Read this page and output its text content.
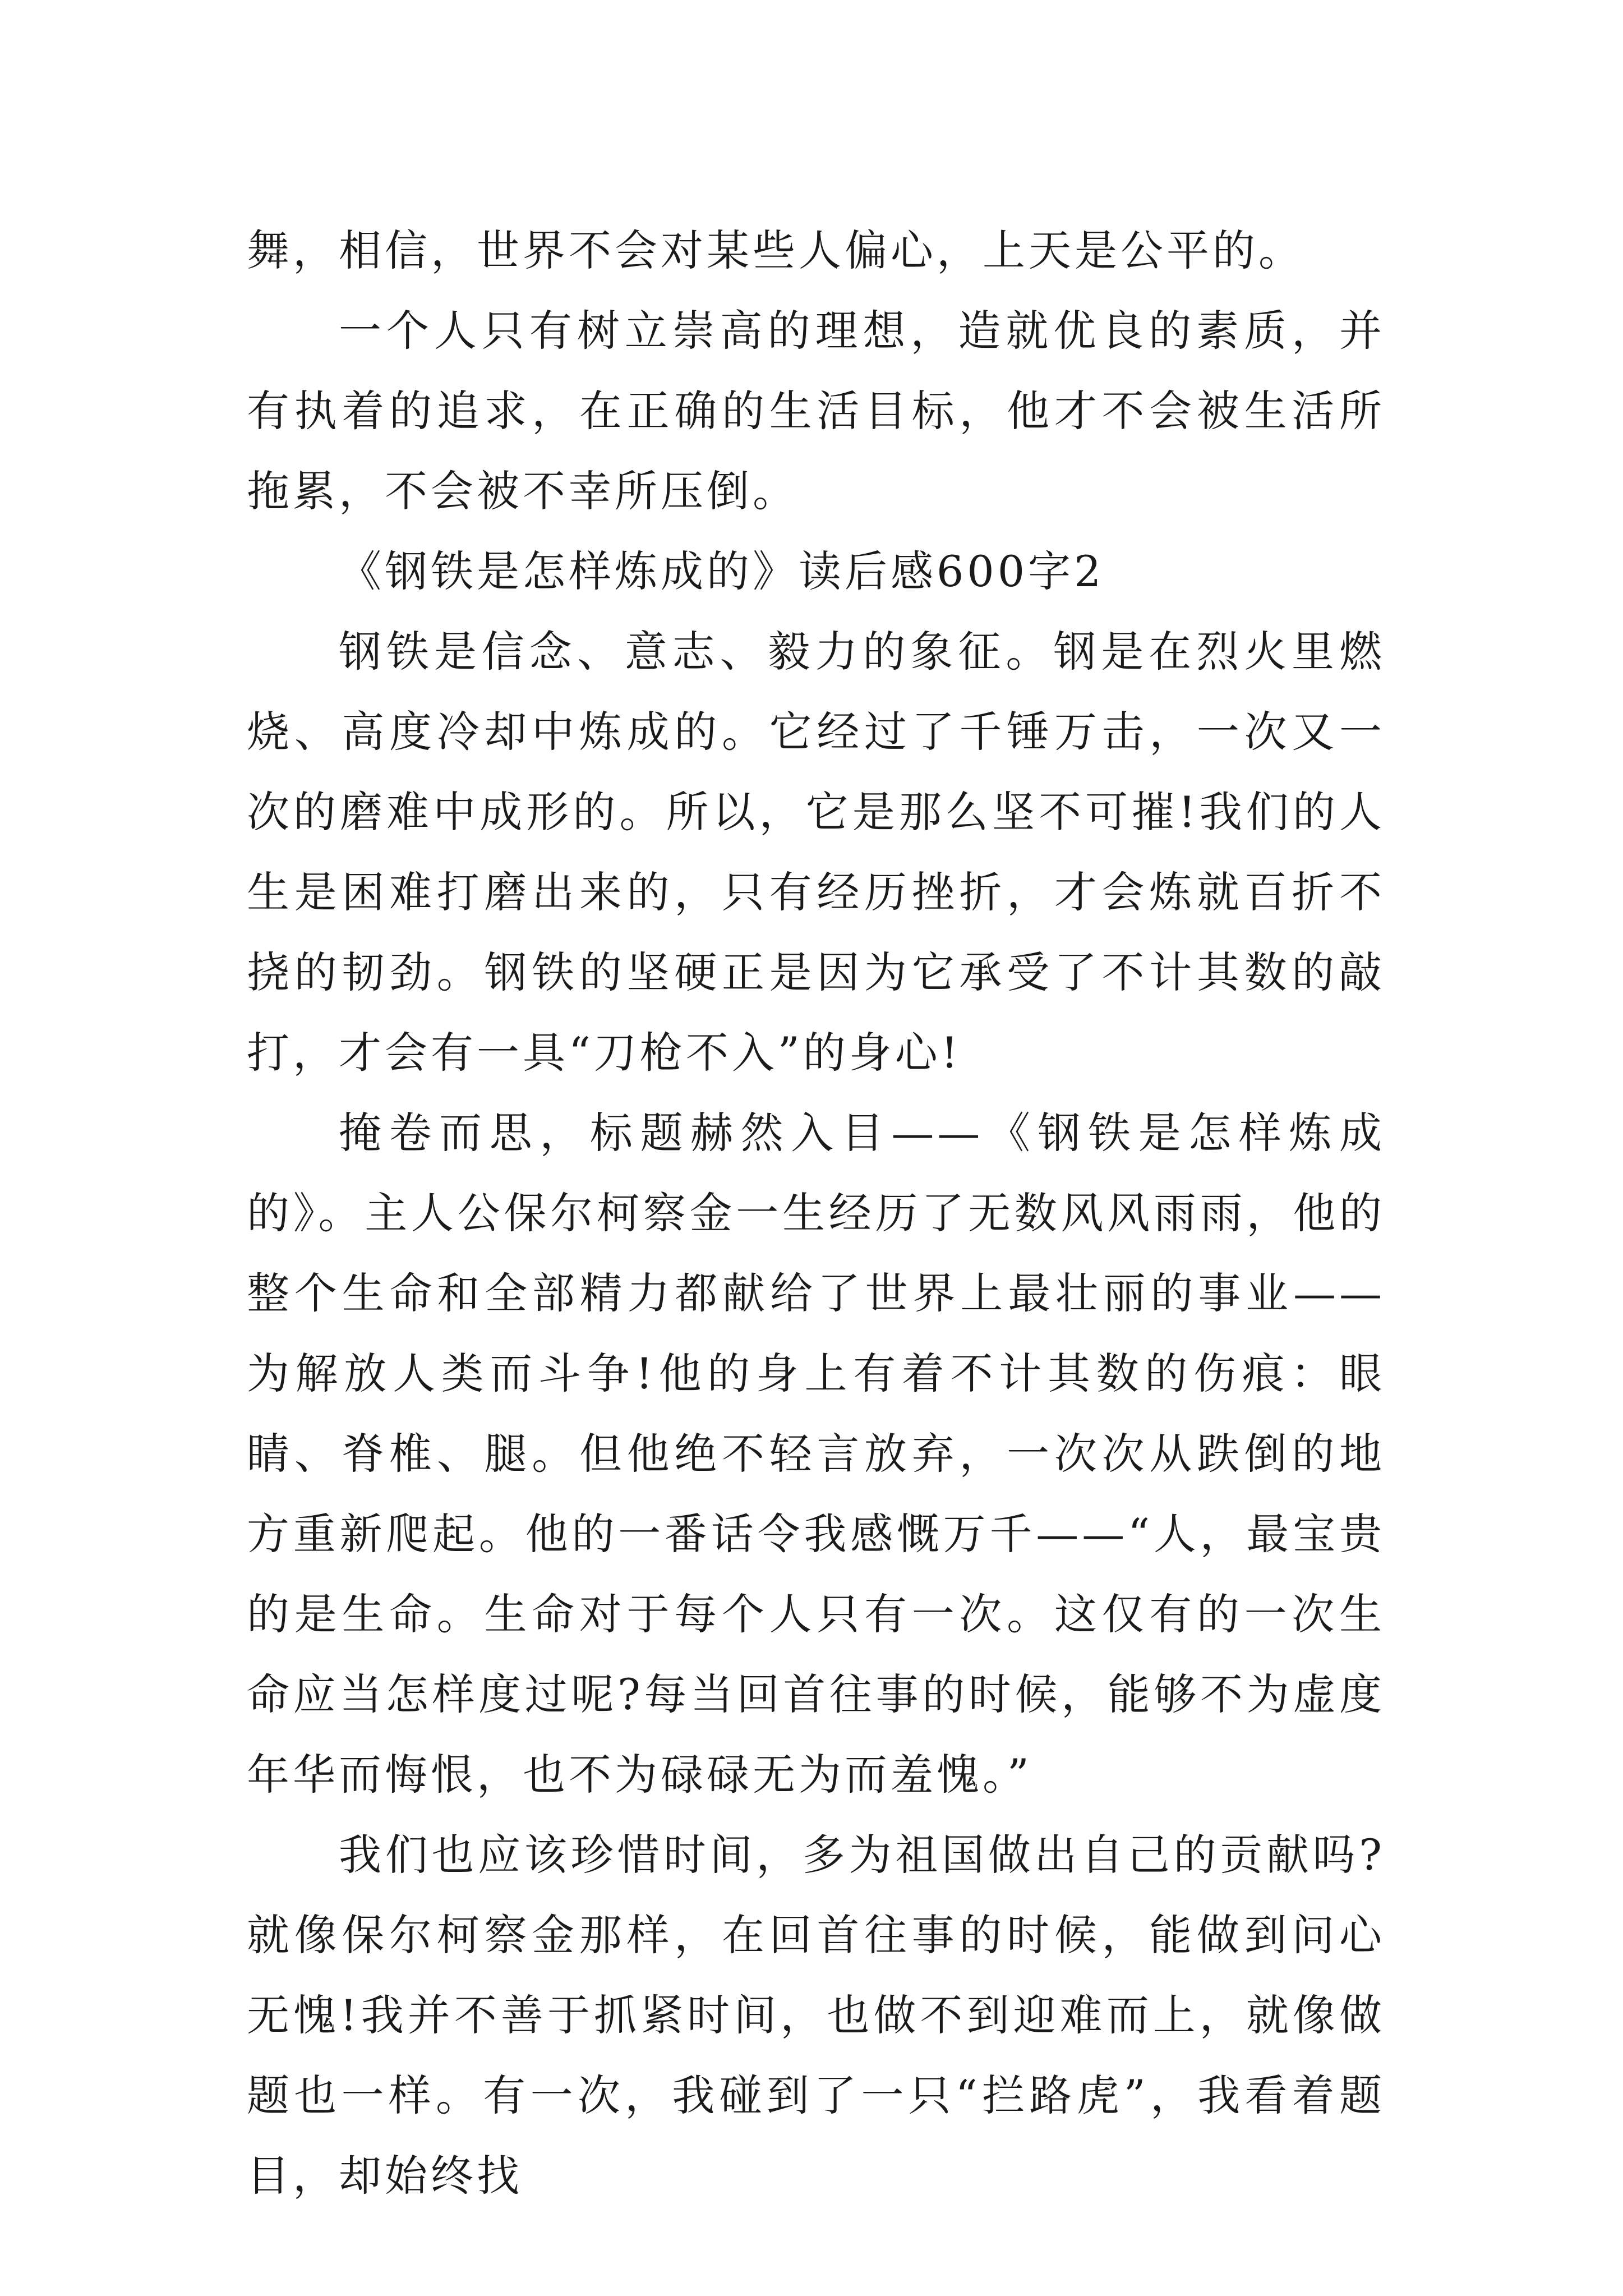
舞，相信，世界不会对某些人偏心，上天是公平的。

一个人只有树立崇高的理想，造就优良的素质，并有执着的追求，在正确的生活目标，他才不会被生活所拖累，不会被不幸所压倒。

《钢铁是怎样炼成的》读后感600字2

钢铁是信念、意志、毅力的象征。钢是在烈火里燃烧、高度冷却中炼成的。它经过了千锤万击，一次又一次的磨难中成形的。所以，它是那么坚不可摧!我们的人生是困难打磨出来的，只有经历挫折，才会炼就百折不挠的韧劲。钢铁的坚硬正是因为它承受了不计其数的敲打，才会有一具“刀枪不入”的身心!

掩卷而思，标题赫然入目——《钢铁是怎样炼成的》。主人公保尔柯察金一生经历了无数风风雨雨，他的整个生命和全部精力都献给了世界上最壮丽的事业——为解放人类而斗争!他的身上有着不计其数的伤痕：眼睛、脊椎、腿。但他绝不轻言放弃，一次次从跌倒的地方重新爬起。他的一番话令我感慨万千——“人，最宝贵的是生命。生命对于每个人只有一次。这仅有的一次生命应当怎样度过呢?每当回首往事的时候，能够不为虚度年华而悔恨，也不为碌碌无为而羞愧。”

我们也应该珍惜时间，多为祖国做出自己的贡献吗?就像保尔柯察金那样，在回首往事的时候，能做到问心无愧!我并不善于抓紧时间，也做不到迎难而上，就像做题也一样。有一次，我碰到了一只“拦路虎”，我看着题目，却始终找
